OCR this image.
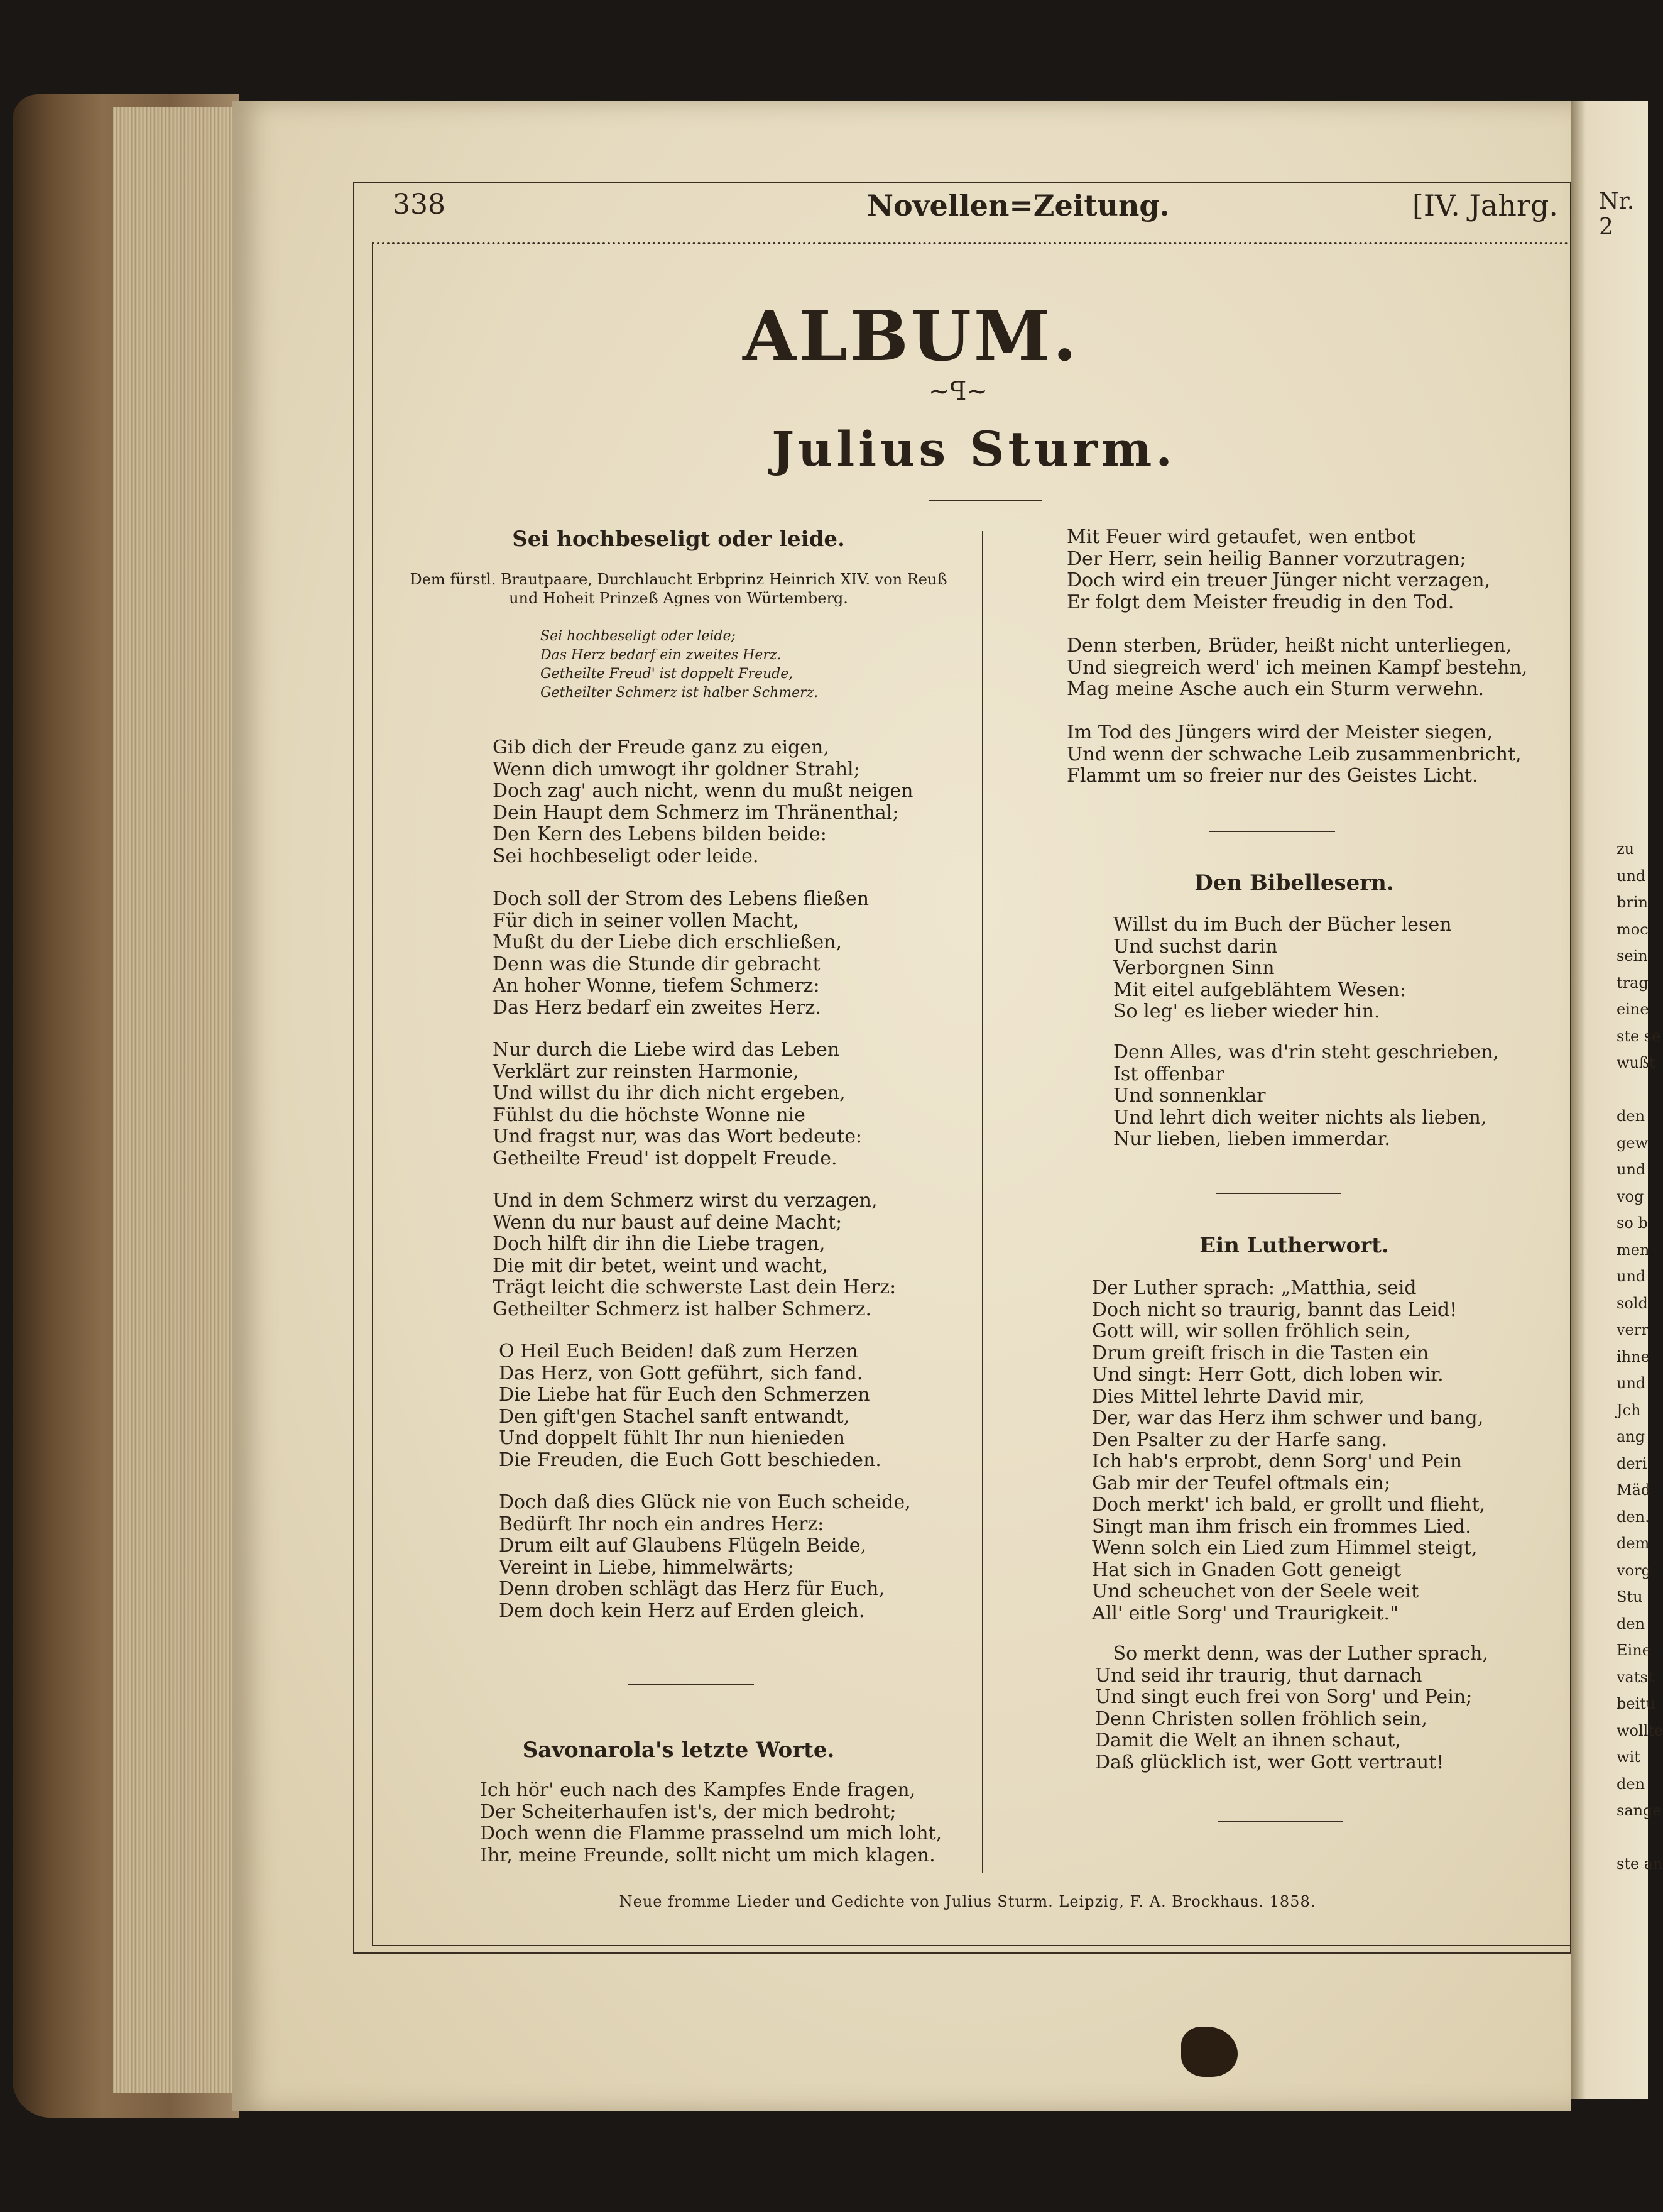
Nr. 2
zu
und
brin
moc
sein
trag
eine
ste se
wußt

den
gew
und
vog
so b
men
und
sold
verr
ihne
und
Jch
ang
deri
Mäd
den.
dem
vorg
Stu
den
Eine
vatst
beitu
wollte
wit
den
sange

ste an
338	Novellen=Zeitung.	[IV. Jahrg.
ALBUM.
~ꟼ~
Julius Sturm.
Sei hochbeseligt oder leide.
Dem fürstl. Brautpaare, Durchlaucht Erbprinz Heinrich XIV. von Reuß
und Hoheit Prinzeß Agnes von Würtemberg.
Sei hochbeseligt oder leide;
Das Herz bedarf ein zweites Herz.
Getheilte Freud' ist doppelt Freude,
Getheilter Schmerz ist halber Schmerz.
Gib dich der Freude ganz zu eigen,
Wenn dich umwogt ihr goldner Strahl;
Doch zag' auch nicht, wenn du mußt neigen
Dein Haupt dem Schmerz im Thränenthal;
Den Kern des Lebens bilden beide:
Sei hochbeseligt oder leide.
Doch soll der Strom des Lebens fließen
Für dich in seiner vollen Macht,
Mußt du der Liebe dich erschließen,
Denn was die Stunde dir gebracht
An hoher Wonne, tiefem Schmerz:
Das Herz bedarf ein zweites Herz.
Nur durch die Liebe wird das Leben
Verklärt zur reinsten Harmonie,
Und willst du ihr dich nicht ergeben,
Fühlst du die höchste Wonne nie
Und fragst nur, was das Wort bedeute:
Getheilte Freud' ist doppelt Freude.
Und in dem Schmerz wirst du verzagen,
Wenn du nur baust auf deine Macht;
Doch hilft dir ihn die Liebe tragen,
Die mit dir betet, weint und wacht,
Trägt leicht die schwerste Last dein Herz:
Getheilter Schmerz ist halber Schmerz.
O Heil Euch Beiden! daß zum Herzen
Das Herz, von Gott geführt, sich fand.
Die Liebe hat für Euch den Schmerzen
Den gift'gen Stachel sanft entwandt,
Und doppelt fühlt Ihr nun hienieden
Die Freuden, die Euch Gott beschieden.
Doch daß dies Glück nie von Euch scheide,
Bedürft Ihr noch ein andres Herz:
Drum eilt auf Glaubens Flügeln Beide,
Vereint in Liebe, himmelwärts;
Denn droben schlägt das Herz für Euch,
Dem doch kein Herz auf Erden gleich.
Savonarola's letzte Worte.
Ich hör' euch nach des Kampfes Ende fragen,
Der Scheiterhaufen ist's, der mich bedroht;
Doch wenn die Flamme prasselnd um mich loht,
Ihr, meine Freunde, sollt nicht um mich klagen.
Mit Feuer wird getaufet, wen entbot
Der Herr, sein heilig Banner vorzutragen;
Doch wird ein treuer Jünger nicht verzagen,
Er folgt dem Meister freudig in den Tod.
Denn sterben, Brüder, heißt nicht unterliegen,
Und siegreich werd' ich meinen Kampf bestehn,
Mag meine Asche auch ein Sturm verwehn.
Im Tod des Jüngers wird der Meister siegen,
Und wenn der schwache Leib zusammenbricht,
Flammt um so freier nur des Geistes Licht.
Den Bibellesern.
Willst du im Buch der Bücher lesen
Und suchst darin
Verborgnen Sinn
Mit eitel aufgeblähtem Wesen:
So leg' es lieber wieder hin.
Denn Alles, was d'rin steht geschrieben,
Ist offenbar
Und sonnenklar
Und lehrt dich weiter nichts als lieben,
Nur lieben, lieben immerdar.
Ein Lutherwort.
Der Luther sprach: „Matthia, seid
Doch nicht so traurig, bannt das Leid!
Gott will, wir sollen fröhlich sein,
Drum greift frisch in die Tasten ein
Und singt: Herr Gott, dich loben wir.
Dies Mittel lehrte David mir,
Der, war das Herz ihm schwer und bang,
Den Psalter zu der Harfe sang.
Ich hab's erprobt, denn Sorg' und Pein
Gab mir der Teufel oftmals ein;
Doch merkt' ich bald, er grollt und flieht,
Singt man ihm frisch ein frommes Lied.
Wenn solch ein Lied zum Himmel steigt,
Hat sich in Gnaden Gott geneigt
Und scheuchet von der Seele weit
All' eitle Sorg' und Traurigkeit."
So merkt denn, was der Luther sprach,
Und seid ihr traurig, thut darnach
Und singt euch frei von Sorg' und Pein;
Denn Christen sollen fröhlich sein,
Damit die Welt an ihnen schaut,
Daß glücklich ist, wer Gott vertraut!
Neue fromme Lieder und Gedichte von Julius Sturm. Leipzig, F. A. Brockhaus. 1858.
